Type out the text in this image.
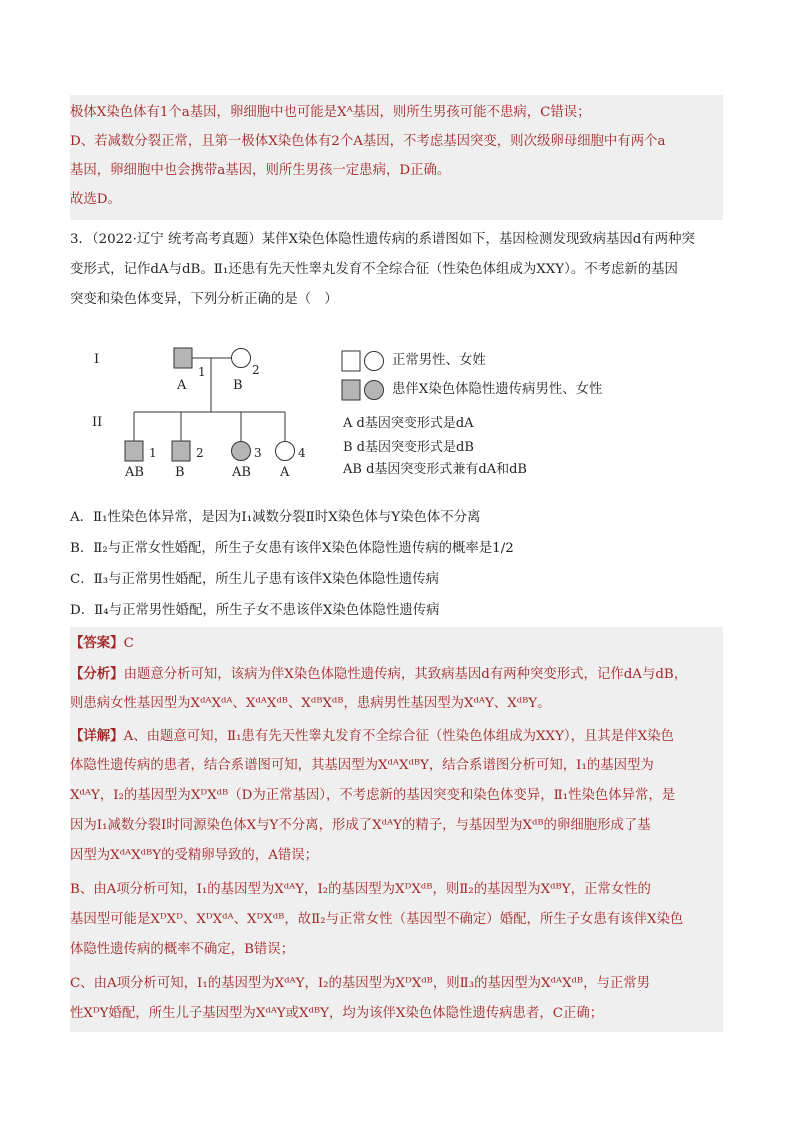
极体X染色体有1个a基因，卵细胞中也可能是Xᴬ基因，则所生男孩可能不患病，C错误；
D、若减数分裂正常，且第一极体X染色体有2个A基因，不考虑基因突变，则次级卵母细胞中有两个a
基因，卵细胞中也会携带a基因，则所生男孩一定患病，D正确。
故选D。
3．（2022·辽宁 统考高考真题）某伴X染色体隐性遗传病的系谱图如下，基因检测发现致病基因d有两种突
变形式，记作dA与dB。Ⅱ₁还患有先天性睾丸发育不全综合征（性染色体组成为XXY）。不考虑新的基因
突变和染色体变异，下列分析正确的是（　）
I
II
1	2
A	B
1	2	3	4
AB B	AB A
正常男性、女姓
患伴X染色体隐性遗传病男性、女性
A d基因突变形式是dA
B d基因突变形式是dB
AB d基因突变形式兼有dA和dB
A．Ⅱ₁性染色体异常，是因为Ⅰ₁减数分裂Ⅱ时X染色体与Y染色体不分离
B．Ⅱ₂与正常女性婚配，所生子女患有该伴X染色体隐性遗传病的概率是1/2
C．Ⅱ₃与正常男性婚配，所生儿子患有该伴X染色体隐性遗传病
D．Ⅱ₄与正常男性婚配，所生子女不患该伴X染色体隐性遗传病
【答案】C
【分析】由题意分析可知，该病为伴X染色体隐性遗传病，其致病基因d有两种突变形式，记作dA与dB，
则患病女性基因型为XᵈᴬXᵈᴬ、XᵈᴬXᵈᴮ、XᵈᴮXᵈᴮ，患病男性基因型为XᵈᴬY、XᵈᴮY。
【详解】A、由题意可知，Ⅱ₁患有先天性睾丸发育不全综合征（性染色体组成为XXY），且其是伴X染色
体隐性遗传病的患者，结合系谱图可知，其基因型为XᵈᴬXᵈᴮY，结合系谱图分析可知，Ⅰ₁的基因型为
XᵈᴬY，Ⅰ₂的基因型为XᴰXᵈᴮ（D为正常基因），不考虑新的基因突变和染色体变异，Ⅱ₁性染色体异常，是
因为Ⅰ₁减数分裂Ⅰ时同源染色体X与Y不分离，形成了XᵈᴬY的精子，与基因型为Xᵈᴮ的卵细胞形成了基
因型为XᵈᴬXᵈᴮY的受精卵导致的，A错误；
B、由A项分析可知，Ⅰ₁的基因型为XᵈᴬY，Ⅰ₂的基因型为XᴰXᵈᴮ，则Ⅱ₂的基因型为XᵈᴮY，正常女性的
基因型可能是XᴰXᴰ、XᴰXᵈᴬ、XᴰXᵈᴮ，故Ⅱ₂与正常女性（基因型不确定）婚配，所生子女患有该伴X染色
体隐性遗传病的概率不确定，B错误；
C、由A项分析可知，Ⅰ₁的基因型为XᵈᴬY，Ⅰ₂的基因型为XᴰXᵈᴮ，则Ⅱ₃的基因型为XᵈᴬXᵈᴮ，与正常男
性XᴰY婚配，所生儿子基因型为XᵈᴬY或XᵈᴮY，均为该伴X染色体隐性遗传病患者，C正确；
